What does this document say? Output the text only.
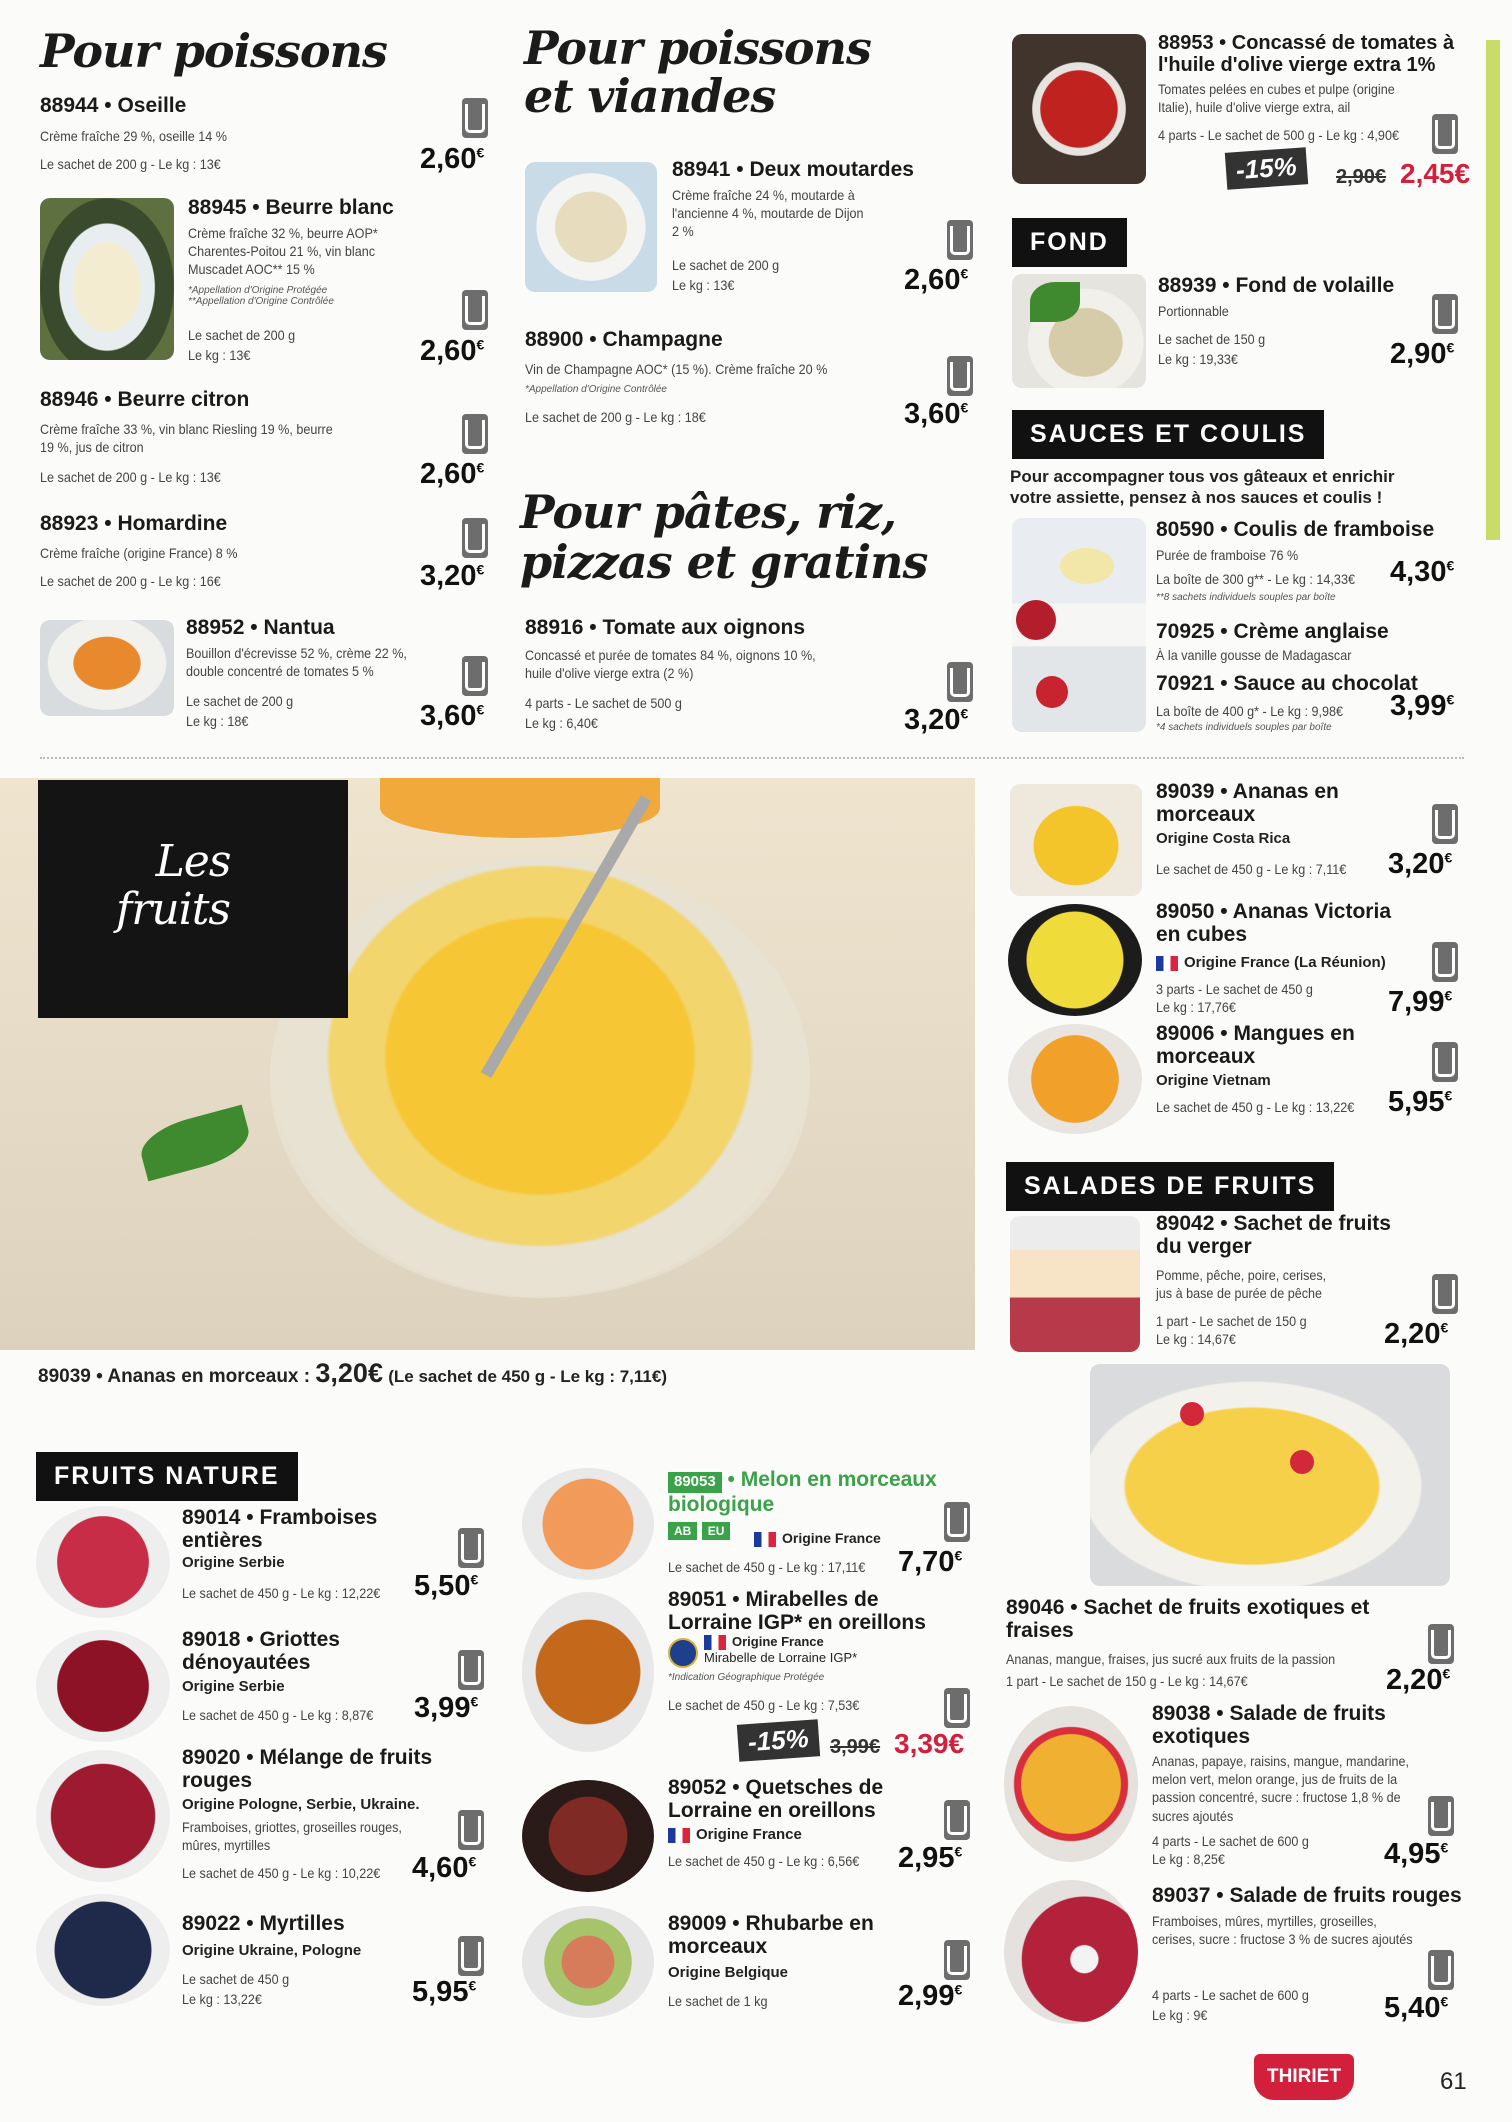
Pour poissons
88944 • Oseille
Crème fraîche 29 %, oseille 14 %
Le sachet de 200 g - Le kg : 13€	2,60€
88945 • Beurre blanc
Crème fraîche 32 %, beurre AOP* Charentes-Poitou 21 %, vin blanc Muscadet AOC** 15 %
*Appellation d'Origine Protégée **Appellation d'Origine Contrôlée
Le sachet de 200 g
Le kg : 13€	2,60€
88946 • Beurre citron
Crème fraîche 33 %, vin blanc Riesling 19 %, beurre 19 %, jus de citron
Le sachet de 200 g - Le kg : 13€	2,60€
88923 • Homardine
Crème fraîche (origine France) 8 %
Le sachet de 200 g - Le kg : 16€	3,20€
88952 • Nantua
Bouillon d'écrevisse 52 %, crème 22 %, double concentré de tomates 5 %
Le sachet de 200 g
Le kg : 18€	3,60€
Pour poissons
et viandes
88941 • Deux moutardes
Crème fraîche 24 %, moutarde à l'ancienne 4 %, moutarde de Dijon 2 %
Le sachet de 200 g
Le kg : 13€	2,60€
88900 • Champagne
Vin de Champagne AOC* (15 %). Crème fraîche 20 %
*Appellation d'Origine Contrôlée
Le sachet de 200 g - Le kg : 18€	3,60€
Pour pâtes, riz,
pizzas et gratins
88916 • Tomate aux oignons
Concassé et purée de tomates 84 %, oignons 10 %, huile d'olive vierge extra (2 %)
4 parts - Le sachet de 500 g
Le kg : 6,40€	3,20€
88953 • Concassé de tomates à l'huile d'olive vierge extra 1%
Tomates pelées en cubes et pulpe (origine Italie), huile d'olive vierge extra, ail
4 parts - Le sachet de 500 g - Le kg : 4,90€
-15%	2,90€ 2,45€
FOND
88939 • Fond de volaille
Portionnable
Le sachet de 150 g
Le kg : 19,33€	2,90€
SAUCES ET COULIS
Pour accompagner tous vos gâteaux et enrichir votre assiette, pensez à nos sauces et coulis !
80590 • Coulis de framboise
Purée de framboise 76 %
La boîte de 300 g** - Le kg : 14,33€
**8 sachets individuels souples par boîte
4,30€
70925 • Crème anglaise
À la vanille gousse de Madagascar
70921 • Sauce au chocolat
La boîte de 400 g* - Le kg : 9,98€
*4 sachets individuels souples par boîte
3,99€
Les
fruits
89039 • Ananas en morceaux : 3,20€ (Le sachet de 450 g - Le kg : 7,11€)
89039 • Ananas en morceaux
Origine Costa Rica
Le sachet de 450 g - Le kg : 7,11€ 3,20€
89050 • Ananas Victoria en cubes
Origine France (La Réunion)
3 parts - Le sachet de 450 g
Le kg : 17,76€	7,99€
89006 • Mangues en morceaux
Origine Vietnam
Le sachet de 450 g - Le kg : 13,22€ 5,95€
SALADES DE FRUITS
89042 • Sachet de fruits du verger
Pomme, pêche, poire, cerises, jus à base de purée de pêche
1 part - Le sachet de 150 g
Le kg : 14,67€	2,20€
89046 • Sachet de fruits exotiques et fraises
Ananas, mangue, fraises, jus sucré aux fruits de la passion
1 part - Le sachet de 150 g - Le kg : 14,67€	2,20€
89038 • Salade de fruits exotiques
Ananas, papaye, raisins, mangue, mandarine, melon vert, melon orange, jus de fruits de la passion concentré, sucre : fructose 1,8 % de sucres ajoutés
4 parts - Le sachet de 600 g
Le kg : 8,25€	4,95€
89037 • Salade de fruits rouges
Framboises, mûres, myrtilles, groseilles, cerises, sucre : fructose 3 % de sucres ajoutés
4 parts - Le sachet de 600 g
Le kg : 9€	5,40€
FRUITS NATURE
89014 • Framboises entières
Origine Serbie
Le sachet de 450 g - Le kg : 12,22€ 5,50€
89018 • Griottes dénoyautées
Origine Serbie
Le sachet de 450 g - Le kg : 8,87€ 3,99€
89020 • Mélange de fruits rouges
Origine Pologne, Serbie, Ukraine.
Framboises, griottes, groseilles rouges, mûres, myrtilles
Le sachet de 450 g - Le kg : 10,22€ 4,60€
89022 • Myrtilles
Origine Ukraine, Pologne
Le sachet de 450 g
Le kg : 13,22€	5,95€
89053 • Melon en morceaux biologique
AB EU	Origine France
Le sachet de 450 g - Le kg : 17,11€ 7,70€
89051 • Mirabelles de Lorraine IGP* en oreillons
Origine France
Mirabelle de Lorraine IGP*
*Indication Géographique Protégée
Le sachet de 450 g - Le kg : 7,53€
-15%	3,99€ 3,39€
89052 • Quetsches de Lorraine en oreillons
Origine France
Le sachet de 450 g - Le kg : 6,56€ 2,95€
89009 • Rhubarbe en morceaux
Origine Belgique
Le sachet de 1 kg	2,99€
THIRIET	61
